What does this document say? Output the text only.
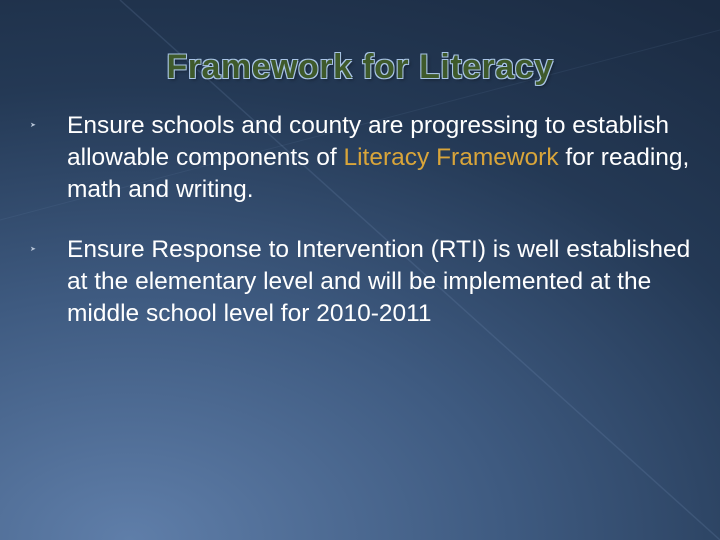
Framework for Literacy
➤ Ensure schools and county are progressing to establish allowable components of Literacy Framework for reading, math and writing.
➤ Ensure Response to Intervention (RTI) is well established at the elementary level and will be implemented at the middle school level for 2010-2011
